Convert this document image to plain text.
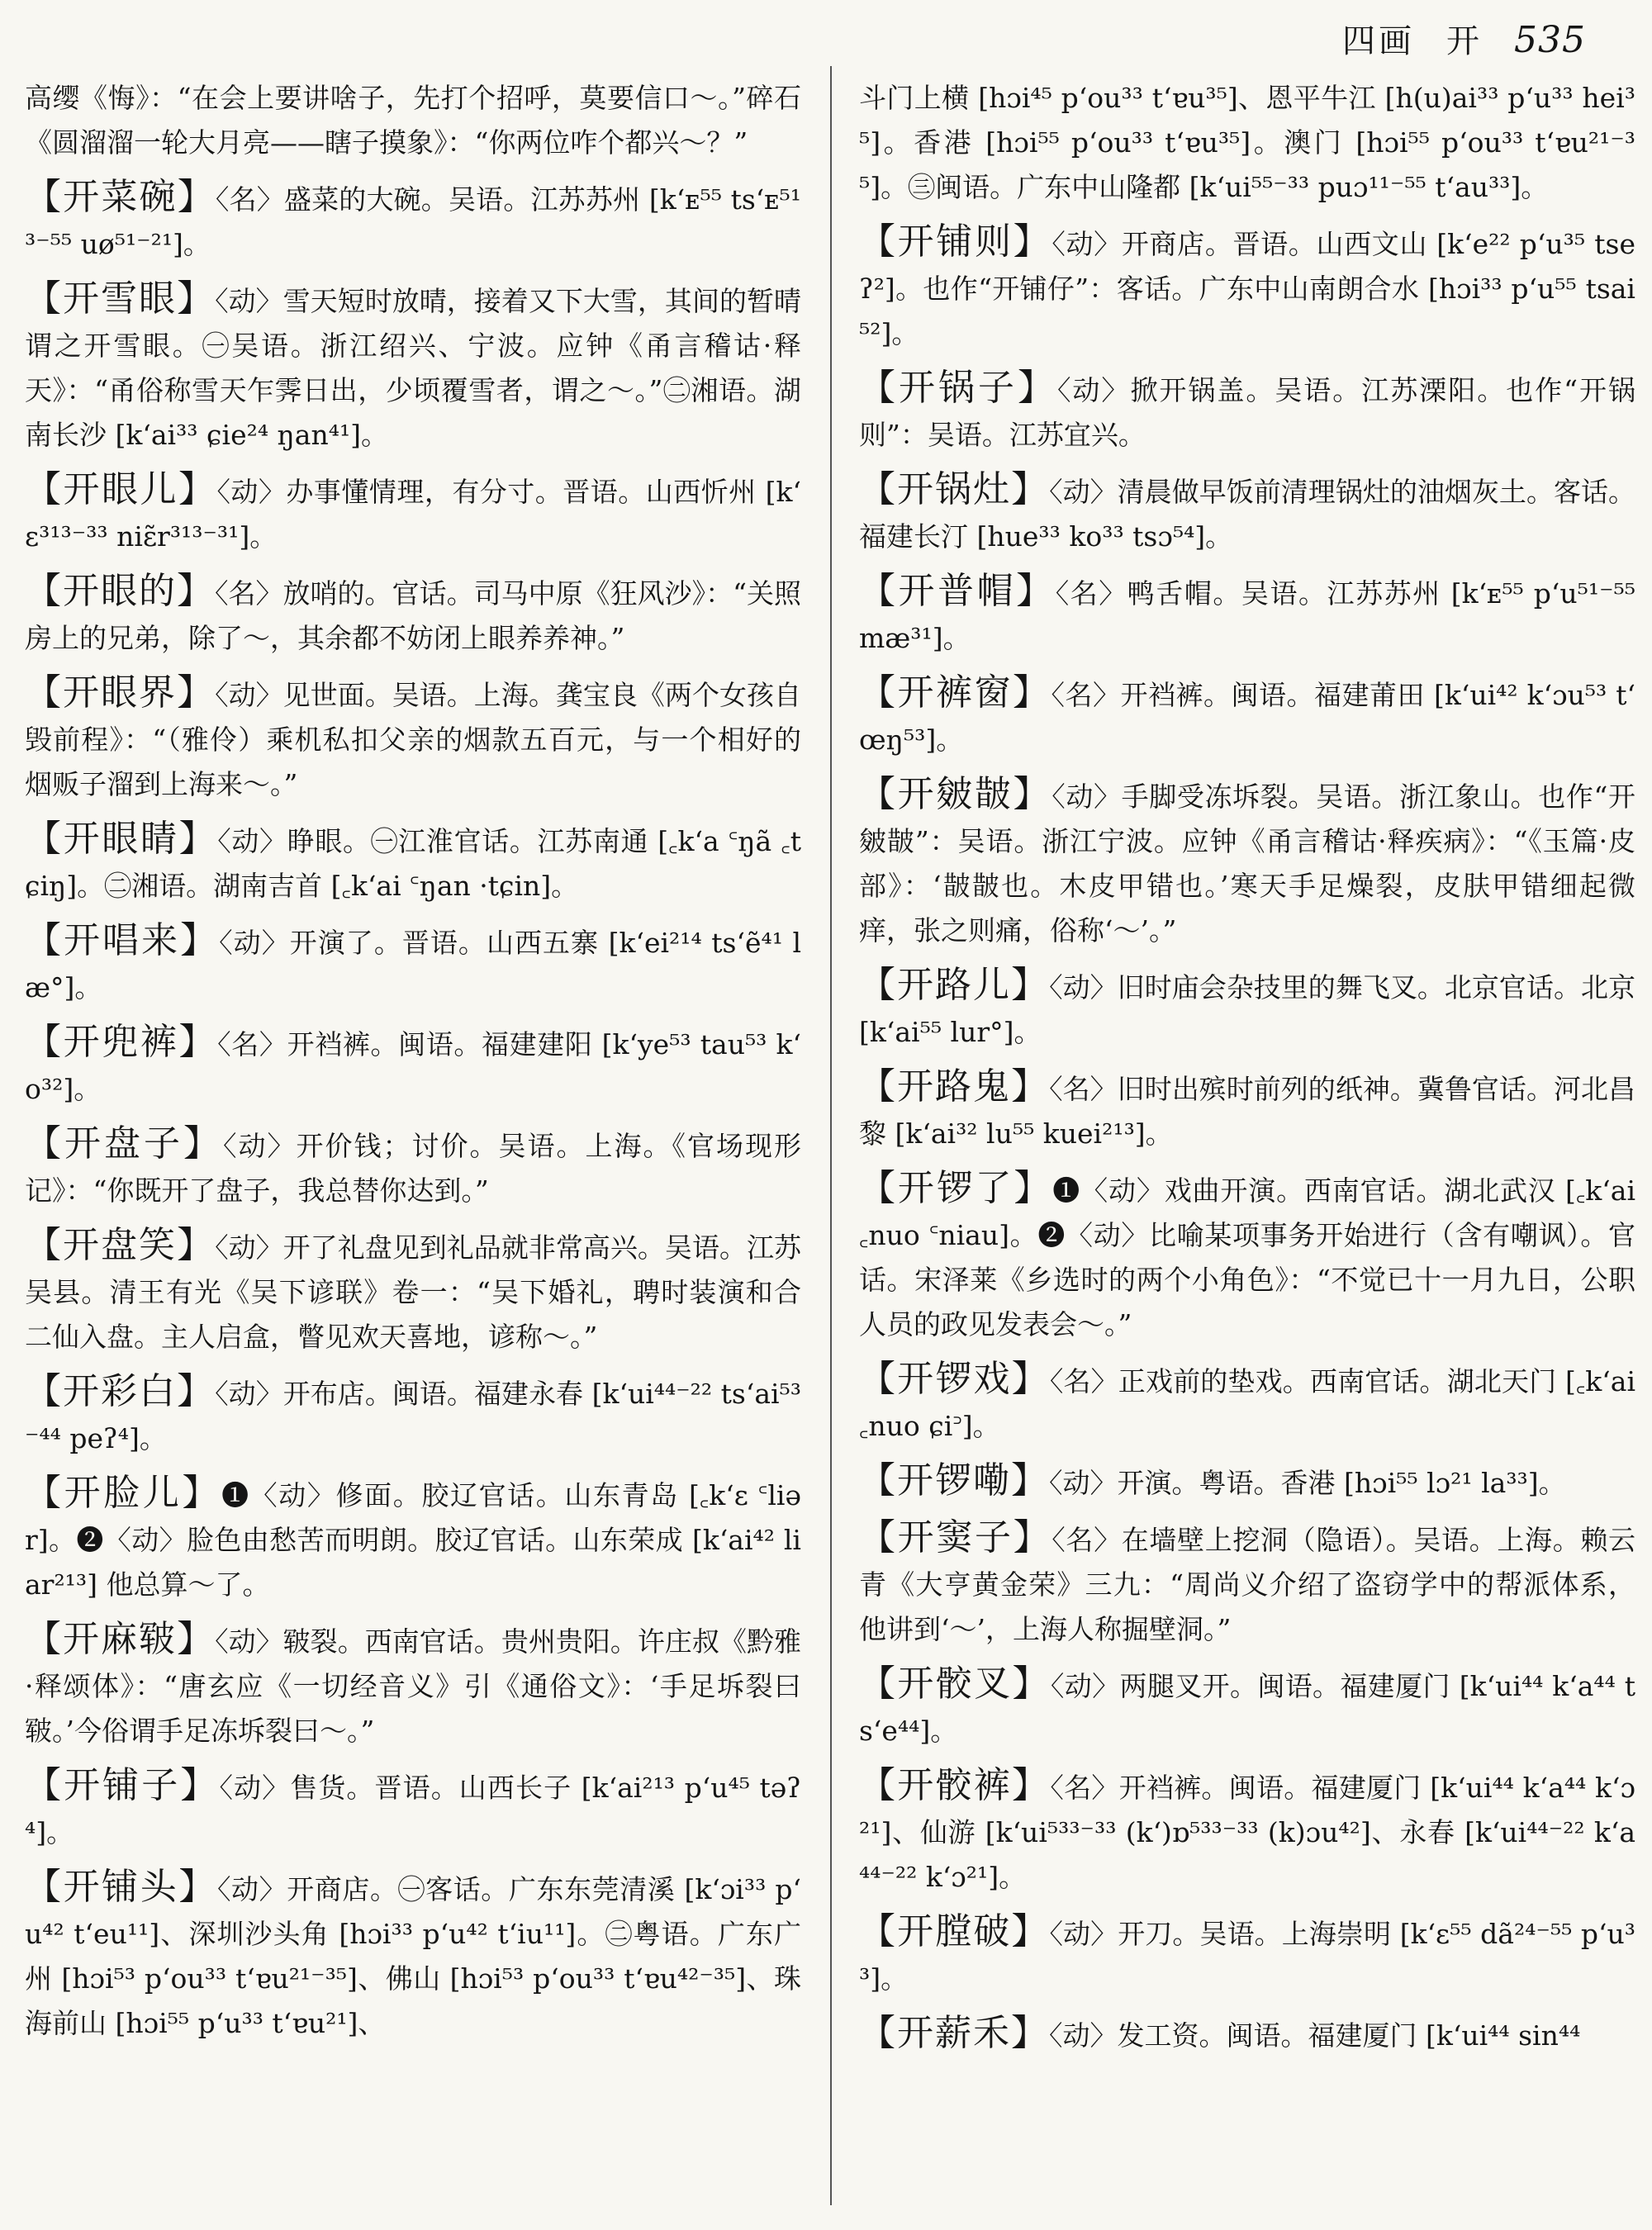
四画 开 535
高缨《悔》：“在会上要讲啥子，先打个招呼，莫要信口～。”碎石《圆溜溜一轮大月亮——瞎子摸象》：“你两位咋个都兴～？”
【开菜碗】〈名〉盛菜的大碗。吴语。江苏苏州 [kʻᴇ⁵⁵ tsʻᴇ⁵¹³⁻⁵⁵ uø⁵¹⁻²¹]。
【开雪眼】〈动〉雪天短时放晴，接着又下大雪，其间的暂晴谓之开雪眼。㊀吴语。浙江绍兴、宁波。应钟《甬言稽诂·释天》：“甬俗称雪天乍霁日出，少顷覆雪者，谓之～。”㊁湘语。湖南长沙 [kʻai³³ ɕie²⁴ ŋan⁴¹]。
【开眼儿】〈动〉办事懂情理，有分寸。晋语。山西忻州 [kʻɛ³¹³⁻³³ niɛ̃r³¹³⁻³¹]。
【开眼的】〈名〉放哨的。官话。司马中原《狂风沙》：“关照房上的兄弟，除了～，其余都不妨闭上眼养养神。”
【开眼界】〈动〉见世面。吴语。上海。龚宝良《两个女孩自毁前程》：“（雅伶）乘机私扣父亲的烟款五百元，与一个相好的烟贩子溜到上海来～。”
【开眼睛】〈动〉睁眼。㊀江淮官话。江苏南通 [꜀kʻa ꜂ŋã ꜀tɕiŋ]。㊁湘语。湖南吉首 [꜀kʻai ꜂ŋan ·tɕin]。
【开唱来】〈动〉开演了。晋语。山西五寨 [kʻei²¹⁴ tsʻẽ⁴¹ læ°]。
【开兜裤】〈名〉开裆裤。闽语。福建建阳 [kʻye⁵³ tau⁵³ kʻo³²]。
【开盘子】〈动〉开价钱；讨价。吴语。上海。《官场现形记》：“你既开了盘子，我总替你达到。”
【开盘笑】〈动〉开了礼盘见到礼品就非常高兴。吴语。江苏吴县。清王有光《吴下谚联》卷一：“吴下婚礼，聘时装演和合二仙入盘。主人启盒，瞥见欢天喜地，谚称～。”
【开彩白】〈动〉开布店。闽语。福建永春 [kʻui⁴⁴⁻²² tsʻai⁵³⁻⁴⁴ peʔ⁴]。
【开脸儿】❶〈动〉修面。胶辽官话。山东青岛 [꜀kʻɛ ꜂liər]。❷〈动〉脸色由愁苦而明朗。胶辽官话。山东荣成 [kʻai⁴² liar²¹³] 他总算～了。
【开麻皲】〈动〉皲裂。西南官话。贵州贵阳。许庄叔《黔雅·释颂体》：“唐玄应《一切经音义》引《通俗文》：‘手足坼裂曰皲。’今俗谓手足冻坼裂曰～。”
【开铺子】〈动〉售货。晋语。山西长子 [kʻai²¹³ pʻu⁴⁵ təʔ⁴]。
【开铺头】〈动〉开商店。㊀客话。广东东莞清溪 [kʻɔi³³ pʻu⁴² tʻeu¹¹]、深圳沙头角 [hɔi³³ pʻu⁴² tʻiu¹¹]。㊁粤语。广东广州 [hɔi⁵³ pʻou³³ tʻɐu²¹⁻³⁵]、佛山 [hɔi⁵³ pʻou³³ tʻɐu⁴²⁻³⁵]、珠海前山 [hɔi⁵⁵ pʻu³³ tʻɐu²¹]、
斗门上横 [hɔi⁴⁵ pʻou³³ tʻɐu³⁵]、恩平牛江 [h(u)ai³³ pʻu³³ hei³⁵]。香港 [hɔi⁵⁵ pʻou³³ tʻɐu³⁵]。澳门 [hɔi⁵⁵ pʻou³³ tʻɐu²¹⁻³⁵]。㊂闽语。广东中山隆都 [kʻui⁵⁵⁻³³ puɔ¹¹⁻⁵⁵ tʻau³³]。
【开铺则】〈动〉开商店。晋语。山西文山 [kʻe²² pʻu³⁵ tseʔ²]。也作“开铺仔”：客话。广东中山南朗合水 [hɔi³³ pʻu⁵⁵ tsai⁵²]。
【开锅子】〈动〉掀开锅盖。吴语。江苏溧阳。也作“开锅则”：吴语。江苏宜兴。
【开锅灶】〈动〉清晨做早饭前清理锅灶的油烟灰土。客话。福建长汀 [hue³³ ko³³ tsɔ⁵⁴]。
【开普帽】〈名〉鸭舌帽。吴语。江苏苏州 [kʻᴇ⁵⁵ pʻu⁵¹⁻⁵⁵ mæ³¹]。
【开裤窗】〈名〉开裆裤。闽语。福建莆田 [kʻui⁴² kʻɔu⁵³ tʻœŋ⁵³]。
【开皴皵】〈动〉手脚受冻坼裂。吴语。浙江象山。也作“开皴皵”：吴语。浙江宁波。应钟《甬言稽诂·释疾病》：“《玉篇·皮部》：‘皵皵也。木皮甲错也。’寒天手足燥裂，皮肤甲错细起微痒，张之则痛，俗称‘～’。”
【开路儿】〈动〉旧时庙会杂技里的舞飞叉。北京官话。北京 [kʻai⁵⁵ lur°]。
【开路鬼】〈名〉旧时出殡时前列的纸神。冀鲁官话。河北昌黎 [kʻai³² lu⁵⁵ kuei²¹³]。
【开锣了】❶〈动〉戏曲开演。西南官话。湖北武汉 [꜀kʻai ꜀nuo ꜂niau]。❷〈动〉比喻某项事务开始进行（含有嘲讽）。官话。宋泽莱《乡选时的两个小角色》：“不觉已十一月九日，公职人员的政见发表会～。”
【开锣戏】〈名〉正戏前的垫戏。西南官话。湖北天门 [꜀kʻai ꜀nuo ɕi꜄]。
【开锣嘞】〈动〉开演。粤语。香港 [hɔi⁵⁵ lɔ²¹ la³³]。
【开窦子】〈名〉在墙壁上挖洞（隐语）。吴语。上海。赖云青《大亨黄金荣》三九：“周尚义介绍了盗窃学中的帮派体系，他讲到‘～’，上海人称掘壁洞。”
【开骹叉】〈动〉两腿叉开。闽语。福建厦门 [kʻui⁴⁴ kʻa⁴⁴ tsʻe⁴⁴]。
【开骹裤】〈名〉开裆裤。闽语。福建厦门 [kʻui⁴⁴ kʻa⁴⁴ kʻɔ²¹]、仙游 [kʻui⁵³³⁻³³ (kʻ)ɒ⁵³³⁻³³ (k)ɔu⁴²]、永春 [kʻui⁴⁴⁻²² kʻa⁴⁴⁻²² kʻɔ²¹]。
【开膛破】〈动〉开刀。吴语。上海崇明 [kʻɛ⁵⁵ dã²⁴⁻⁵⁵ pʻu³³]。
【开薪禾】〈动〉发工资。闽语。福建厦门 [kʻui⁴⁴ sin⁴⁴
